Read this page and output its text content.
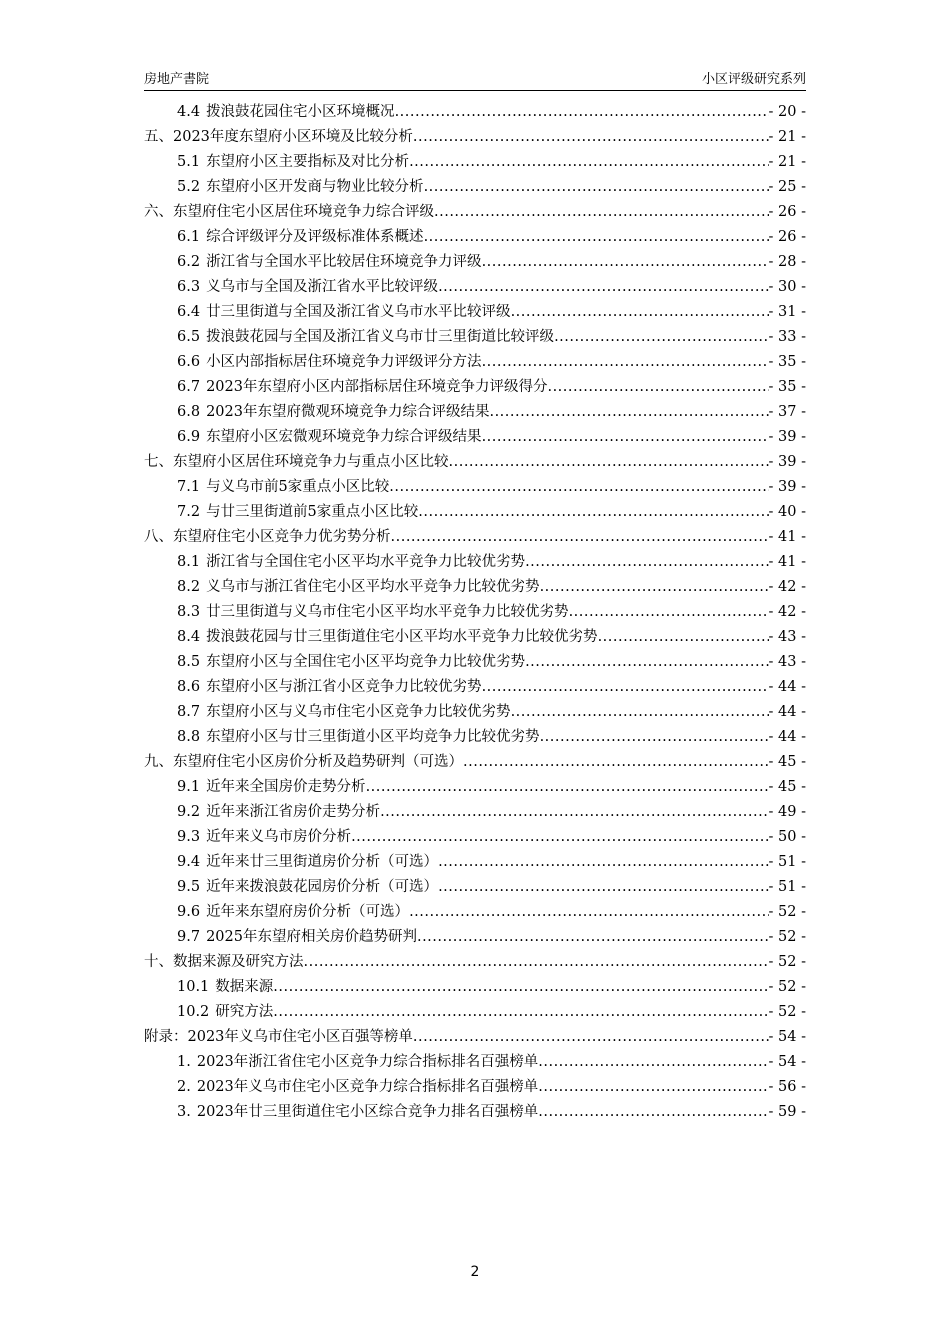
房地产書院	小区评级研究系列
4.4 拨浪鼓花园住宅小区环境概况 .....	- 20 -
五、 2023年度东望府小区环境及比较分析 .....	- 21 -
5.1 东望府小区主要指标及对比分析 .....	- 21 -
5.2 东望府小区开发商与物业比较分析 .....	- 25 -
六、 东望府住宅小区居住环境竞争力综合评级 .....	- 26 -
6.1 综合评级评分及评级标准体系概述 .....	- 26 -
6.2 浙江省与全国水平比较居住环境竞争力评级 .....	- 28 -
6.3 义乌市与全国及浙江省水平比较评级 .....	- 30 -
6.4 廿三里街道与全国及浙江省义乌市水平比较评级 .....	- 31 -
6.5 拨浪鼓花园与全国及浙江省义乌市廿三里街道比较评级 .....	- 33 -
6.6 小区内部指标居住环境竞争力评级评分方法 .....	- 35 -
6.7 2023年东望府小区内部指标居住环境竞争力评级得分 .....	- 35 -
6.8 2023年东望府微观环境竞争力综合评级结果 .....	- 37 -
6.9 东望府小区宏微观环境竞争力综合评级结果 .....	- 39 -
七、 东望府小区居住环境竞争力与重点小区比较 .....	- 39 -
7.1 与义乌市前5家重点小区比较 .....	- 39 -
7.2 与廿三里街道前5家重点小区比较 .....	- 40 -
八、 东望府住宅小区竞争力优劣势分析 .....	- 41 -
8.1 浙江省与全国住宅小区平均水平竞争力比较优劣势 .....	- 41 -
8.2 义乌市与浙江省住宅小区平均水平竞争力比较优劣势 .....	- 42 -
8.3 廿三里街道与义乌市住宅小区平均水平竞争力比较优劣势 .....	- 42 -
8.4 拨浪鼓花园与廿三里街道住宅小区平均水平竞争力比较优劣势 .....	- 43 -
8.5 东望府小区与全国住宅小区平均竞争力比较优劣势 .....	- 43 -
8.6 东望府小区与浙江省小区竞争力比较优劣势 .....	- 44 -
8.7 东望府小区与义乌市住宅小区竞争力比较优劣势 .....	- 44 -
8.8 东望府小区与廿三里街道小区平均竞争力比较优劣势 .....	- 44 -
九、 东望府住宅小区房价分析及趋势研判（可选） .....	- 45 -
9.1 近年来全国房价走势分析 .....	- 45 -
9.2 近年来浙江省房价走势分析 .....	- 49 -
9.3 近年来义乌市房价分析 .....	- 50 -
9.4 近年来廿三里街道房价分析（可选） .....	- 51 -
9.5 近年来拨浪鼓花园房价分析（可选） .....	- 51 -
9.6 近年来东望府房价分析（可选） .....	- 52 -
9.7 2025年东望府相关房价趋势研判 .....	- 52 -
十、 数据来源及研究方法 .....	- 52 -
10.1 数据来源 .....	- 52 -
10.2 研究方法 .....	- 52 -
附录： 2023年义乌市住宅小区百强等榜单 .....	- 54 -
1. 2023年浙江省住宅小区竞争力综合指标排名百强榜单 .....	- 54 -
2. 2023年义乌市住宅小区竞争力综合指标排名百强榜单 .....	- 56 -
3. 2023年廿三里街道住宅小区综合竞争力排名百强榜单 .....	- 59 -
2
